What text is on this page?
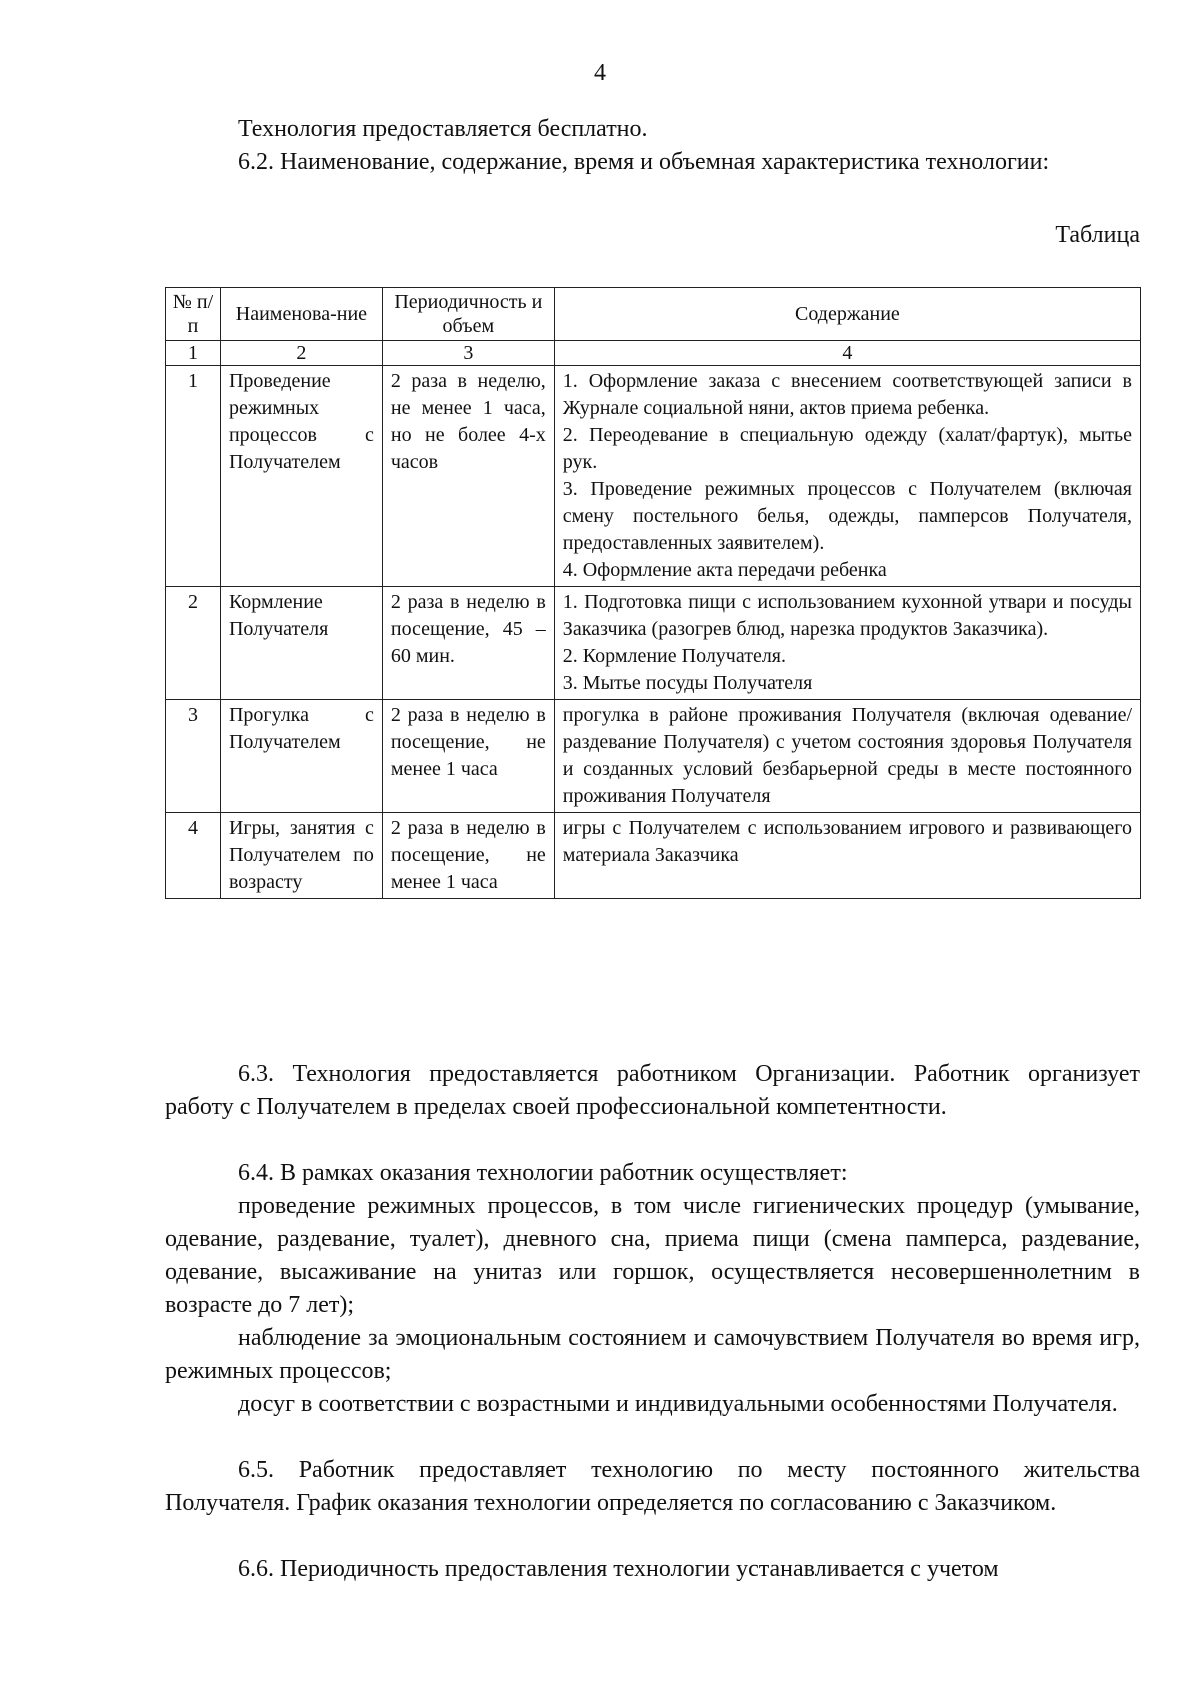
4

Технология предоставляется бесплатно.

6.2. Наименование, содержание, время и объемная характеристика технологии:

Таблица
№ п/п	Наименова-ние	Периодичность и объем	Содержание
1	2	3	4
1	Проведение режимных процессов с Получателем	2 раза в неделю, не менее 1 часа, но не более 4-х часов	1. Оформление заказа с внесением соответствующей записи в Журнале социальной няни, актов приема ребенка.
2. Переодевание в специальную одежду (халат/фартук), мытье рук.
3. Проведение режимных процессов с Получателем (включая смену постельного белья, одежды, памперсов Получателя, предоставленных заявителем).
4. Оформление акта передачи ребенка

2	Кормление Получателя	2 раза в неделю в посещение, 45 – 60 мин.	1. Подготовка пищи с использованием кухонной утвари и посуды Заказчика (разогрев блюд, нарезка продуктов Заказчика).
2. Кормление Получателя.
3. Мытье посуды Получателя

3	Прогулка с Получателем	2 раза в неделю в посещение, не менее 1 часа	прогулка в районе проживания Получателя (включая одевание/раздевание Получателя) с учетом состояния здоровья Получателя и созданных условий безбарьерной среды в месте постоянного проживания Получателя

4	Игры, занятия с Получателем по возрасту	2 раза в неделю в посещение, не менее 1 часа	игры с Получателем с использованием игрового и развивающего материала Заказчика

6.3. Технология предоставляется работником Организации. Работник организует работу с Получателем в пределах своей профессиональной компетентности.

6.4. В рамках оказания технологии работник осуществляет:

проведение режимных процессов, в том числе гигиенических процедур (умывание, одевание, раздевание, туалет), дневного сна, приема пищи (смена памперса, раздевание, одевание, высаживание на унитаз или горшок, осуществляется несовершеннолетним в возрасте до 7 лет);

наблюдение за эмоциональным состоянием и самочувствием Получателя во время игр, режимных процессов;

досуг в соответствии с возрастными и индивидуальными особенностями Получателя.

6.5. Работник предоставляет технологию по месту постоянного жительства Получателя. График оказания технологии определяется по согласованию с Заказчиком.

6.6. Периодичность предоставления технологии устанавливается с учетом
